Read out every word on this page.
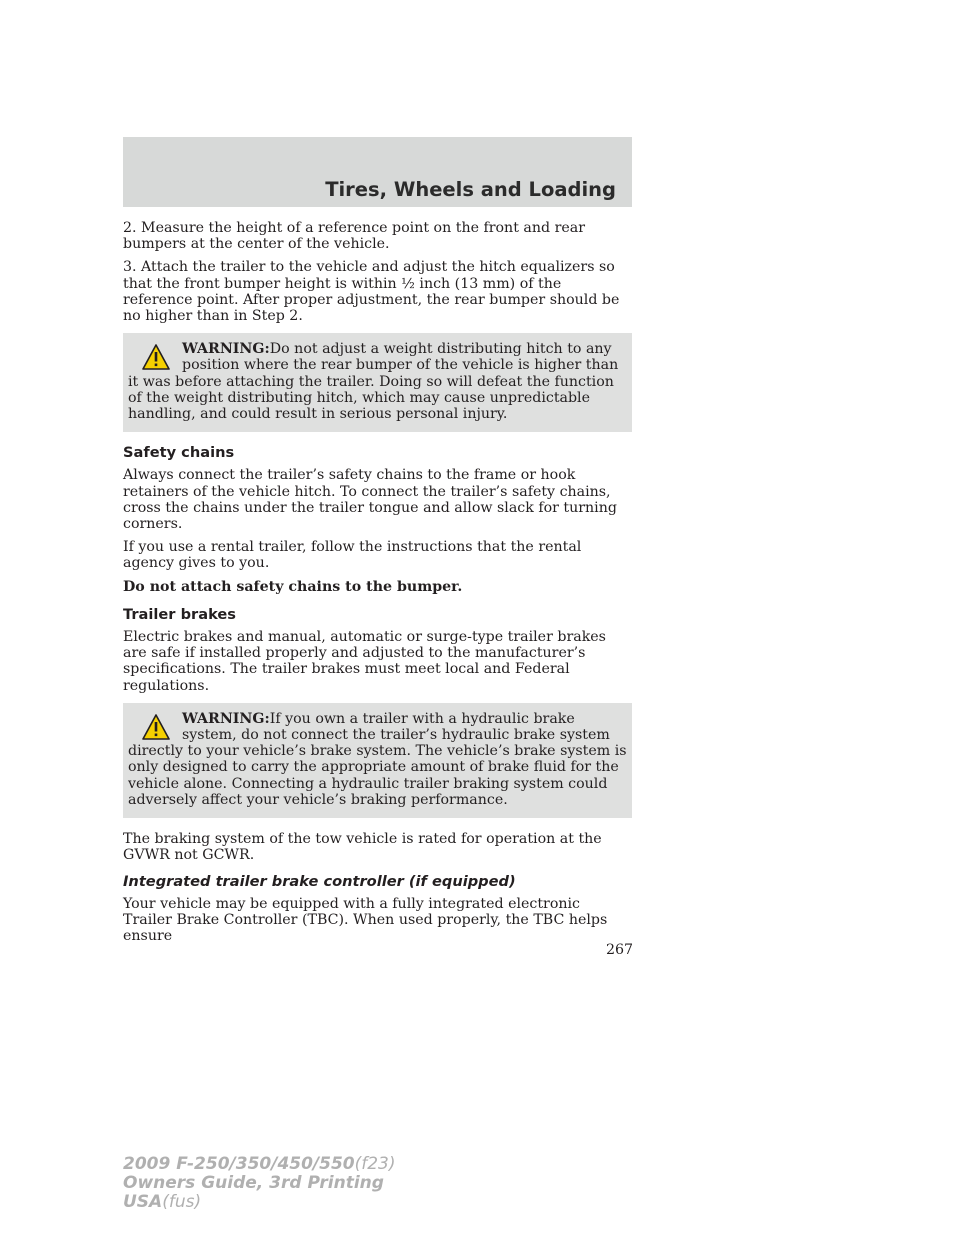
Tires, Wheels and Loading

2. Measure the height of a reference point on the front and rear bumpers at the center of the vehicle.

3. Attach the trailer to the vehicle and adjust the hitch equalizers so that the front bumper height is within ½ inch (13 mm) of the reference point. After proper adjustment, the rear bumper should be no higher than in Step 2.

WARNING:Do not adjust a weight distributing hitch to any position where the rear bumper of the vehicle is higher than it was before attaching the trailer. Doing so will defeat the function of the weight distributing hitch, which may cause unpredictable handling, and could result in serious personal injury.

Safety chains

Always connect the trailer’s safety chains to the frame or hook retainers of the vehicle hitch. To connect the trailer’s safety chains, cross the chains under the trailer tongue and allow slack for turning corners.

If you use a rental trailer, follow the instructions that the rental agency gives to you.

Do not attach safety chains to the bumper.

Trailer brakes

Electric brakes and manual, automatic or surge-type trailer brakes are safe if installed properly and adjusted to the manufacturer’s specifications. The trailer brakes must meet local and Federal regulations.

WARNING:If you own a trailer with a hydraulic brake system, do not connect the trailer’s hydraulic brake system directly to your vehicle’s brake system. The vehicle’s brake system is only designed to carry the appropriate amount of brake fluid for the vehicle alone. Connecting a hydraulic trailer braking system could adversely affect your vehicle’s braking performance.

The braking system of the tow vehicle is rated for operation at the GVWR not GCWR.

Integrated trailer brake controller (if equipped)

Your vehicle may be equipped with a fully integrated electronic Trailer Brake Controller (TBC). When used properly, the TBC helps ensure

267
2009 F-250/350/450/550(f23)
Owners Guide, 3rd Printing
USA(fus)
